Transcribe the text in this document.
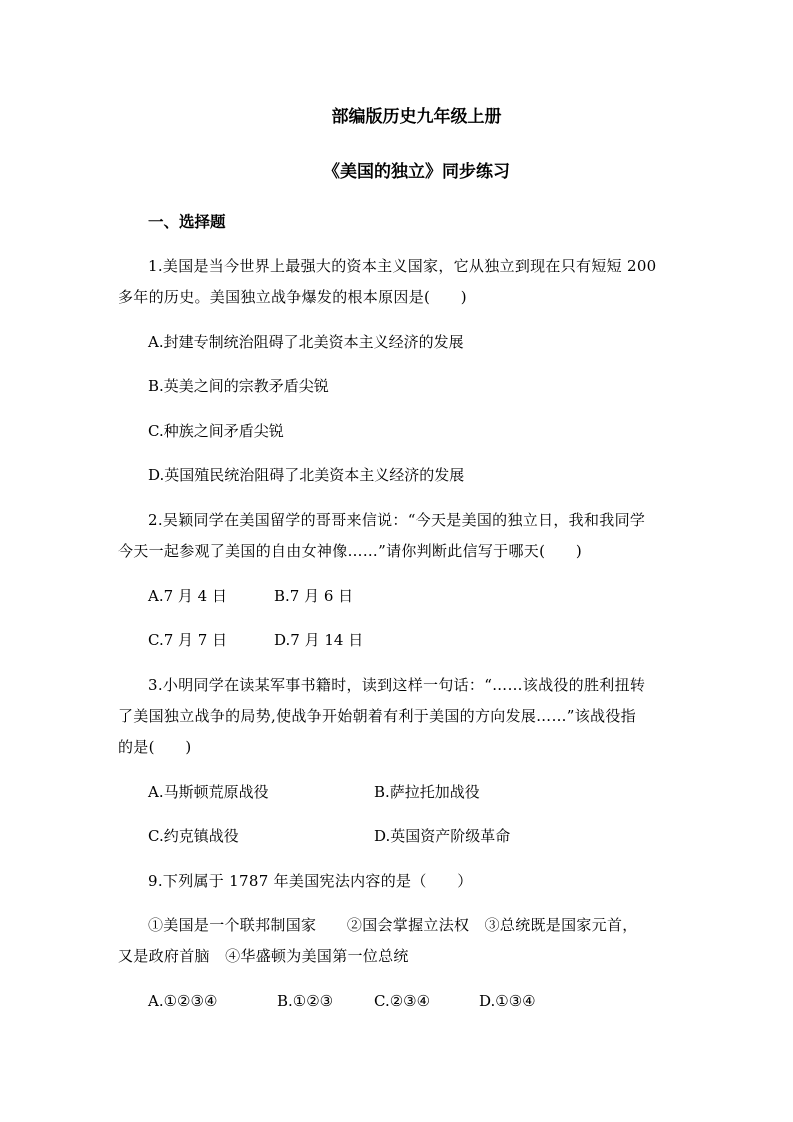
部编版历史九年级上册
《美国的独立》同步练习
一、选择题
1.美国是当今世界上最强大的资本主义国家，它从独立到现在只有短短 200
多年的历史。美国独立战争爆发的根本原因是(　　)
A.封建专制统治阻碍了北美资本主义经济的发展
B.英美之间的宗教矛盾尖锐
C.种族之间矛盾尖锐
D.英国殖民统治阻碍了北美资本主义经济的发展
2.吴颖同学在美国留学的哥哥来信说：“今天是美国的独立日，我和我同学
今天一起参观了美国的自由女神像……”请你判断此信写于哪天(　　)
A.7 月 4 日	B.7 月 6 日
C.7 月 7 日	D.7 月 14 日
3.小明同学在读某军事书籍时，读到这样一句话：“……该战役的胜利扭转
了美国独立战争的局势,使战争开始朝着有利于美国的方向发展……”该战役指
的是(　　)
A.马斯顿荒原战役	B.萨拉托加战役
C.约克镇战役	D.英国资产阶级革命
9.下列属于 1787 年美国宪法内容的是（　　）
①美国是一个联邦制国家　　②国会掌握立法权　③总统既是国家元首，
又是政府首脑　④华盛顿为美国第一位总统
A.①②③④	B.①②③	C.②③④	D.①③④
